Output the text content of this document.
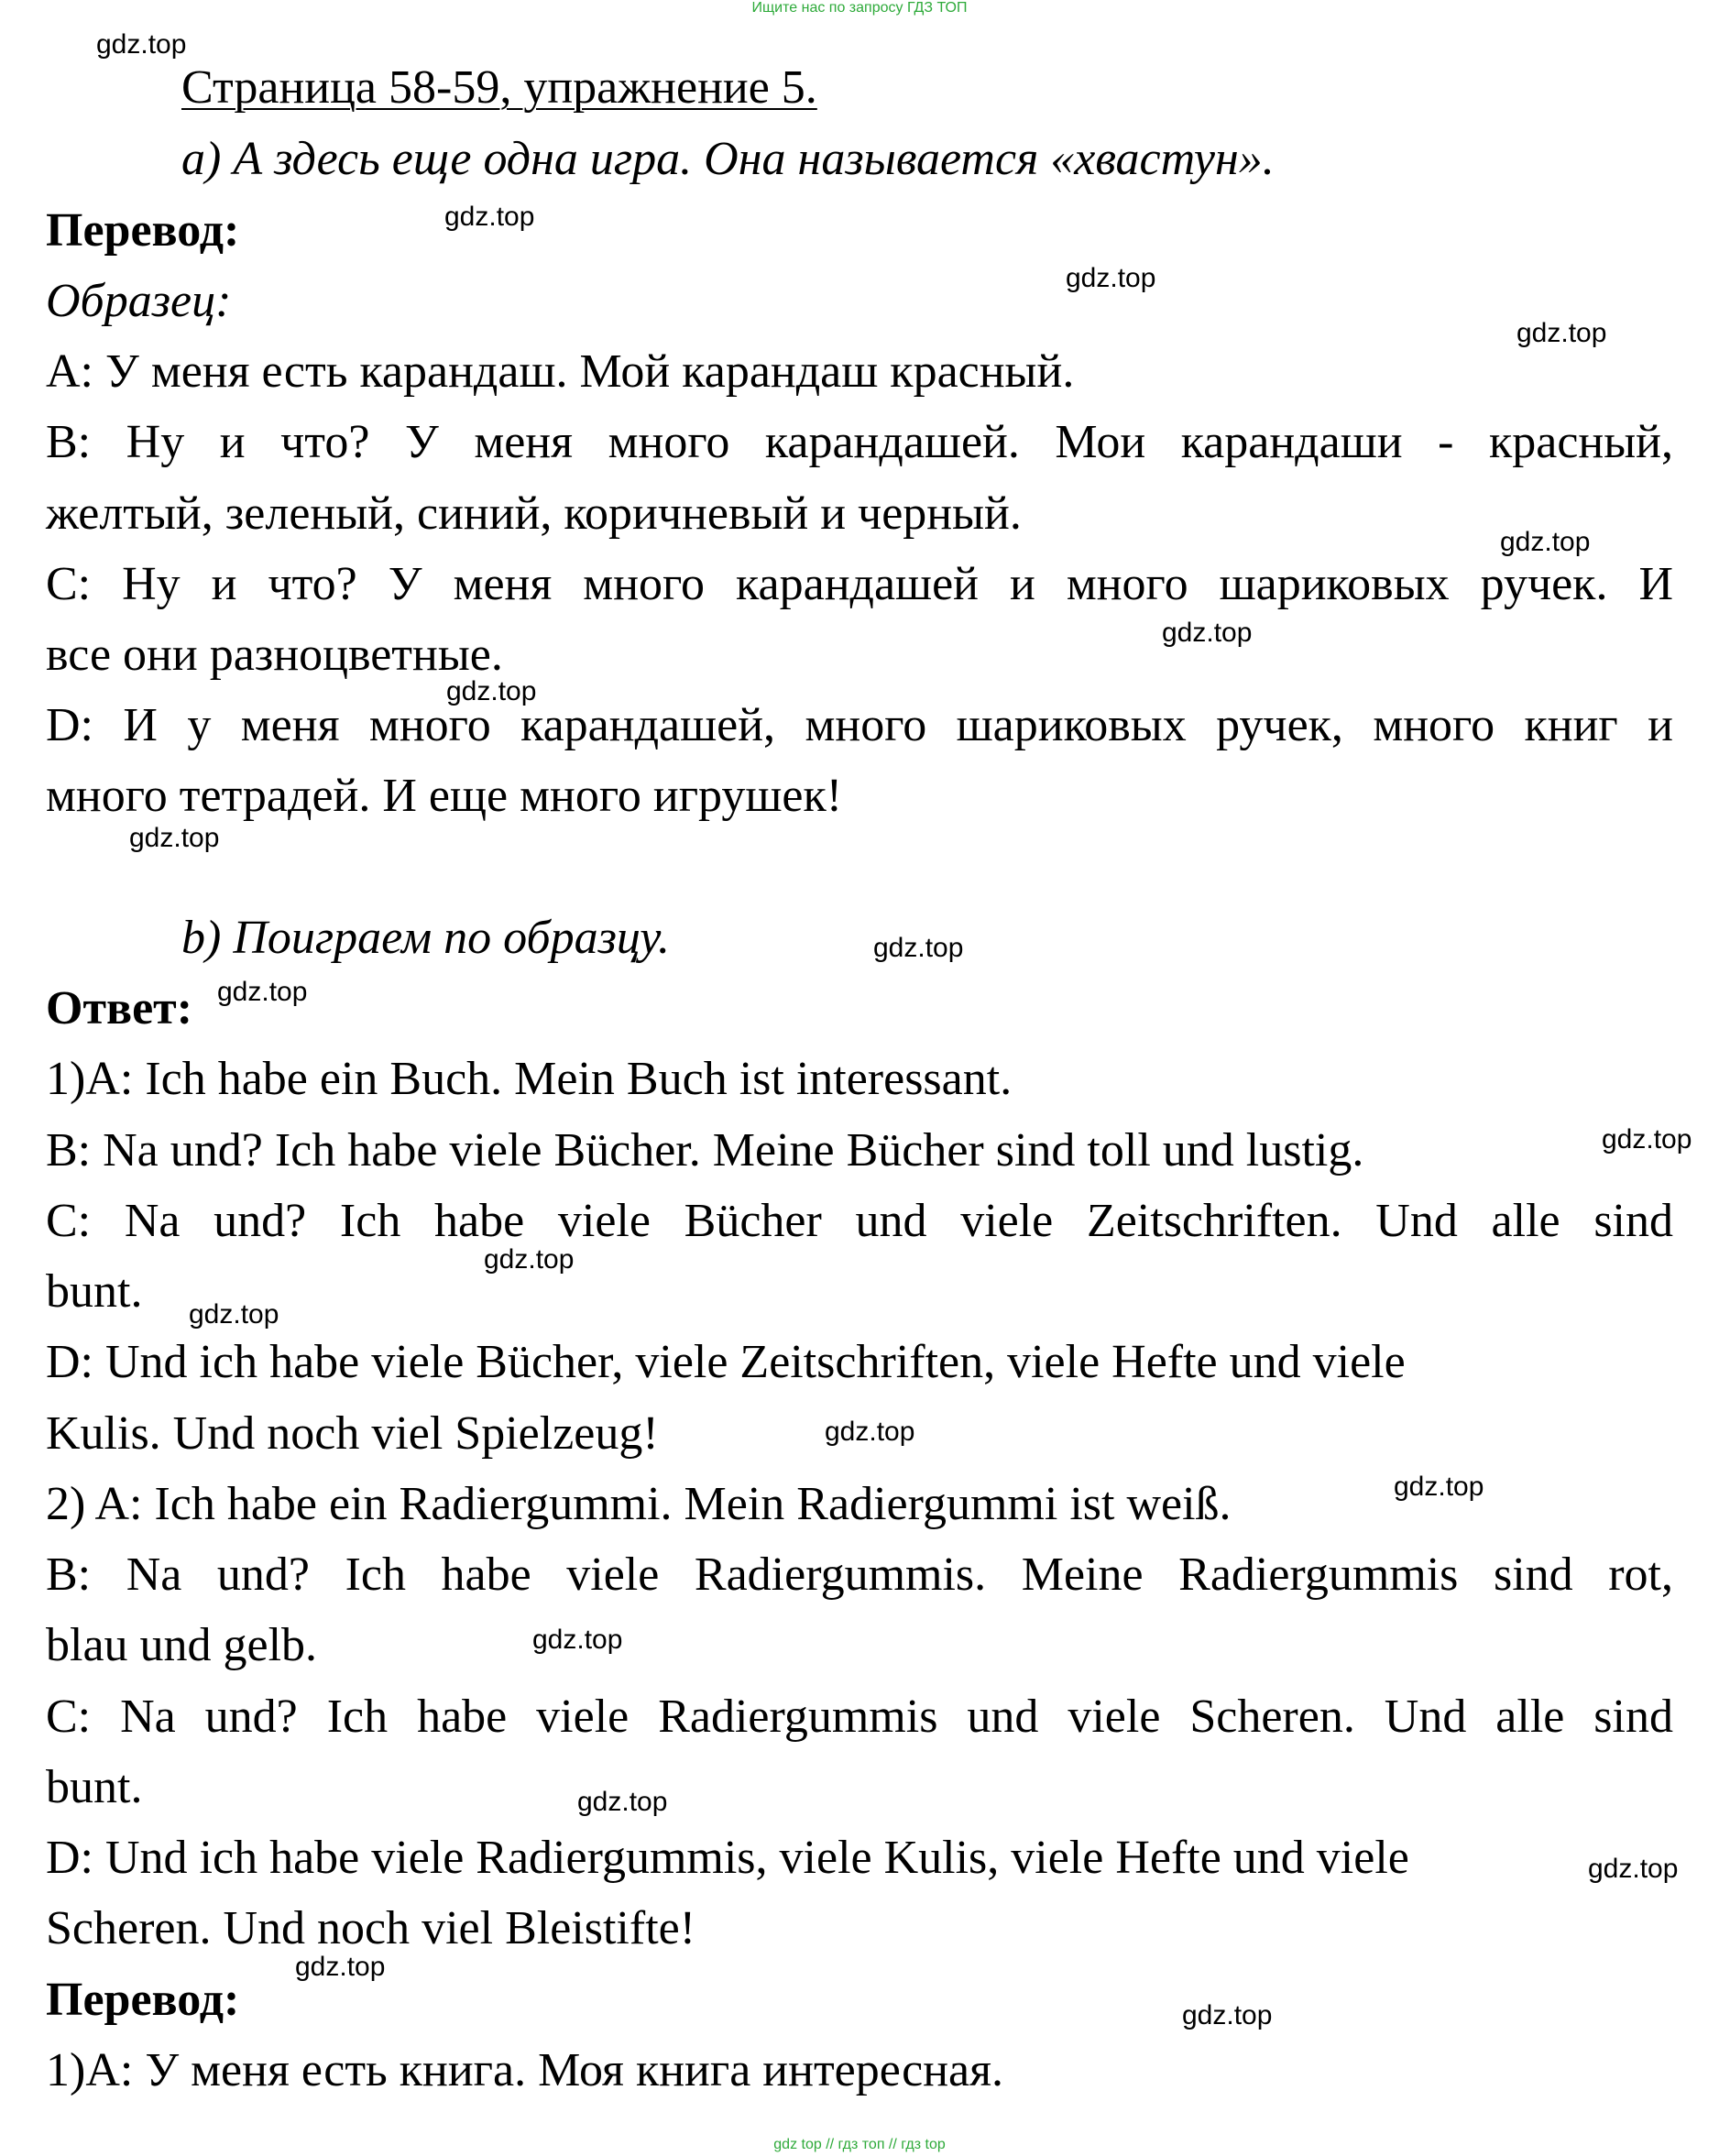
Ищите нас по запросу ГДЗ ТОП
gdz top // гдз топ // гдз top
Страница 58-59, упражнение 5.
a) А здесь еще одна игра. Она называется «хвастун».
Перевод:
Образец:
A: У меня есть карандаш. Мой карандаш красный.
B: Ну и что? У меня много карандашей. Мои карандаши - красный,
желтый, зеленый, синий, коричневый и черный.
C: Ну и что? У меня много карандашей и много шариковых ручек. И
все они разноцветные.
D: И у меня много карандашей, много шариковых ручек, много книг и
много тетрадей. И еще много игрушек!
b) Поиграем по образцу.
Ответ:
1)A: Ich habe ein Buch. Mein Buch ist interessant.
B: Na und? Ich habe viele Bücher. Meine Bücher sind toll und lustig.
C: Na und? Ich habe viele Bücher und viele Zeitschriften. Und alle sind
bunt.
D: Und ich habe viele Bücher, viele Zeitschriften, viele Hefte und viele
Kulis. Und noch viel Spielzeug!
2) A: Ich habe ein Radiergummi. Mein Radiergummi ist weiß.
B: Na und? Ich habe viele Radiergummis. Meine Radiergummis sind rot,
blau und gelb.
C: Na und? Ich habe viele Radiergummis und viele Scheren. Und alle sind
bunt.
D: Und ich habe viele Radiergummis, viele Kulis, viele Hefte und viele
Scheren. Und noch viel Bleistifte!
Перевод:
1)A: У меня есть книга. Моя книга интересная.
gdz.top
gdz.top
gdz.top
gdz.top
gdz.top
gdz.top
gdz.top
gdz.top
gdz.top
gdz.top
gdz.top
gdz.top
gdz.top
gdz.top
gdz.top
gdz.top
gdz.top
gdz.top
gdz.top
gdz.top
